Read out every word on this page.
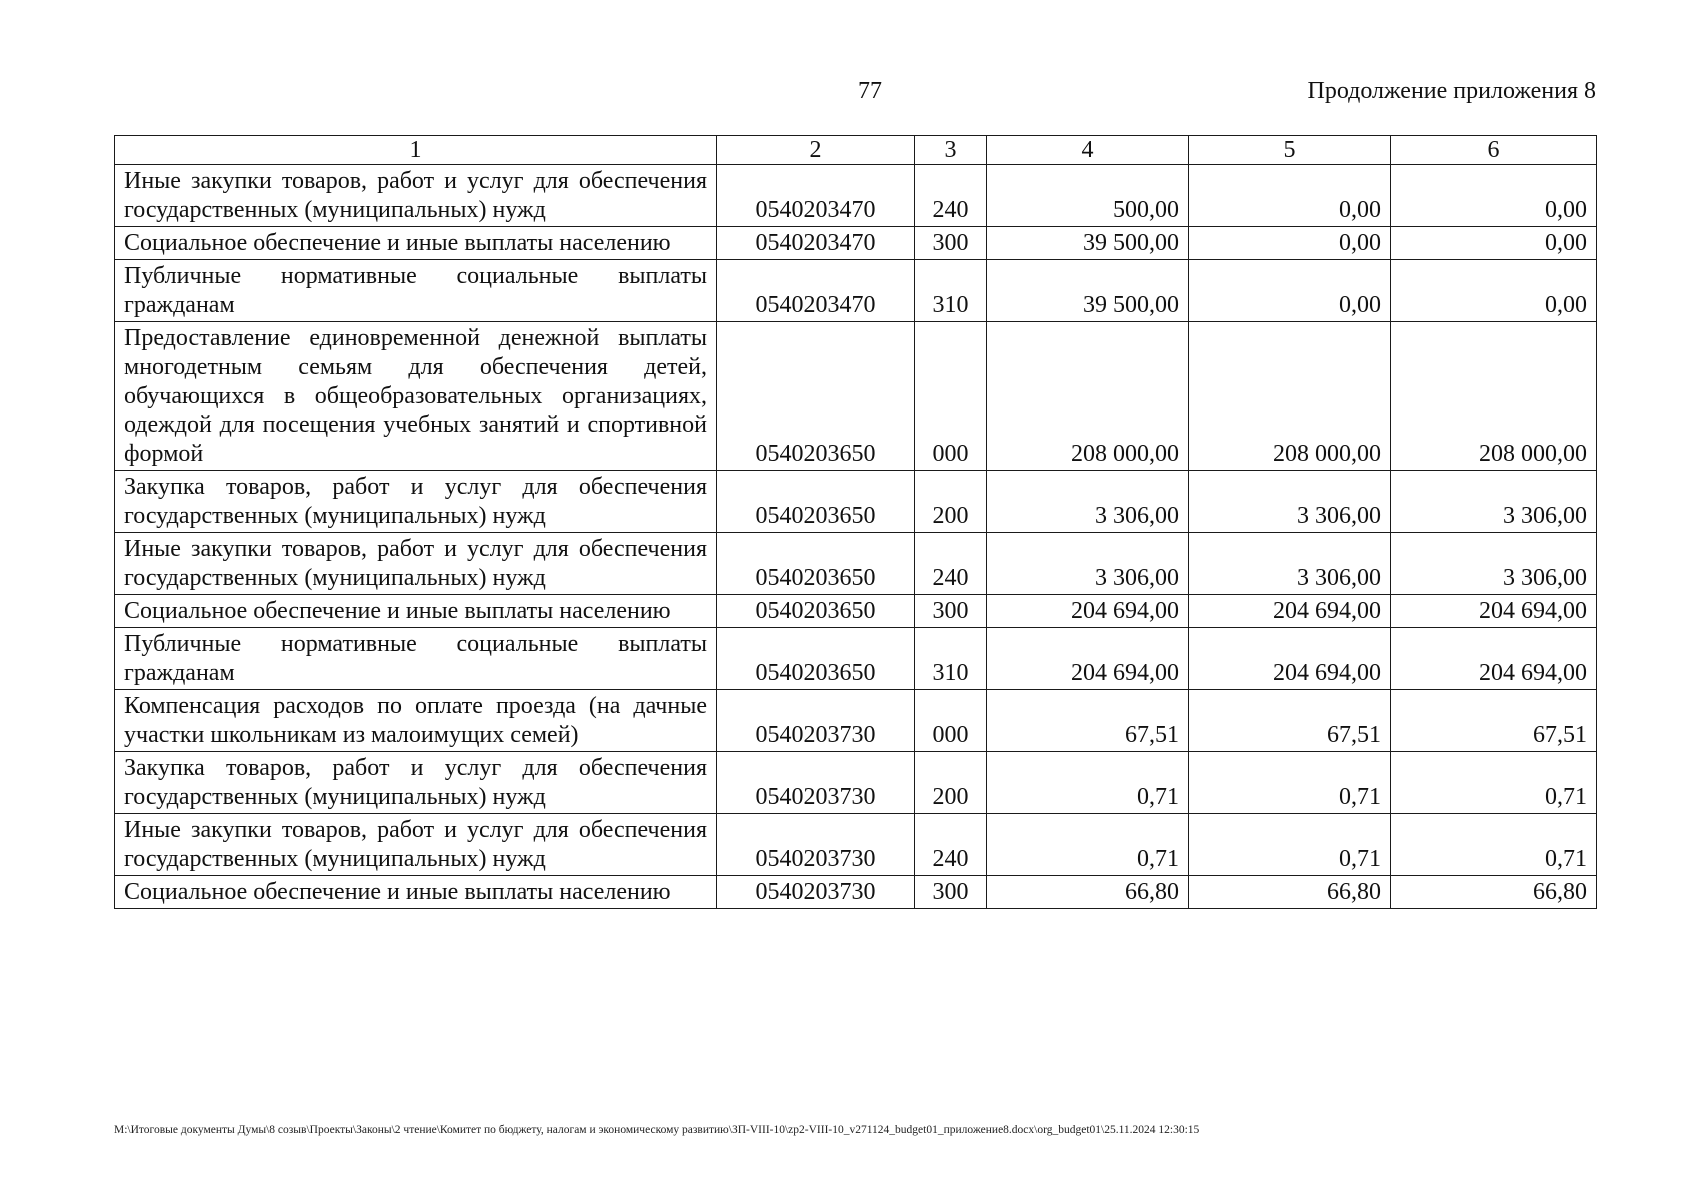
77	Продолжение приложения 8
1	2	3	4	5	6
Иные закупки товаров, работ и услуг для обеспечения государственных (муниципальных) нужд	0540203470	240	500,00	0,00	0,00
Социальное обеспечение и иные выплаты населению	0540203470	300	39 500,00	0,00	0,00
Публичные нормативные социальные выплаты гражданам	0540203470	310	39 500,00	0,00	0,00
Предоставление единовременной денежной выплаты многодетным семьям для обеспечения детей, обучающихся в общеобразовательных организациях, одеждой для посещения учебных занятий и спортивной формой	0540203650	000	208 000,00	208 000,00	208 000,00
Закупка товаров, работ и услуг для обеспечения государственных (муниципальных) нужд	0540203650	200	3 306,00	3 306,00	3 306,00
Иные закупки товаров, работ и услуг для обеспечения государственных (муниципальных) нужд	0540203650	240	3 306,00	3 306,00	3 306,00
Социальное обеспечение и иные выплаты населению	0540203650	300	204 694,00	204 694,00	204 694,00
Публичные нормативные социальные выплаты гражданам	0540203650	310	204 694,00	204 694,00	204 694,00
Компенсация расходов по оплате проезда (на дачные участки школьникам из малоимущих семей)	0540203730	000	67,51	67,51	67,51
Закупка товаров, работ и услуг для обеспечения государственных (муниципальных) нужд	0540203730	200	0,71	0,71	0,71
Иные закупки товаров, работ и услуг для обеспечения государственных (муниципальных) нужд	0540203730	240	0,71	0,71	0,71
Социальное обеспечение и иные выплаты населению	0540203730	300	66,80	66,80	66,80
M:\Итоговые документы Думы\8 созыв\Проекты\Законы\2 чтение\Комитет по бюджету, налогам и экономическому развитию\ЗП-VIII-10\zp2-VIII-10_v271124_budget01_приложение8.docx\org_budget01\25.11.2024 12:30:15
